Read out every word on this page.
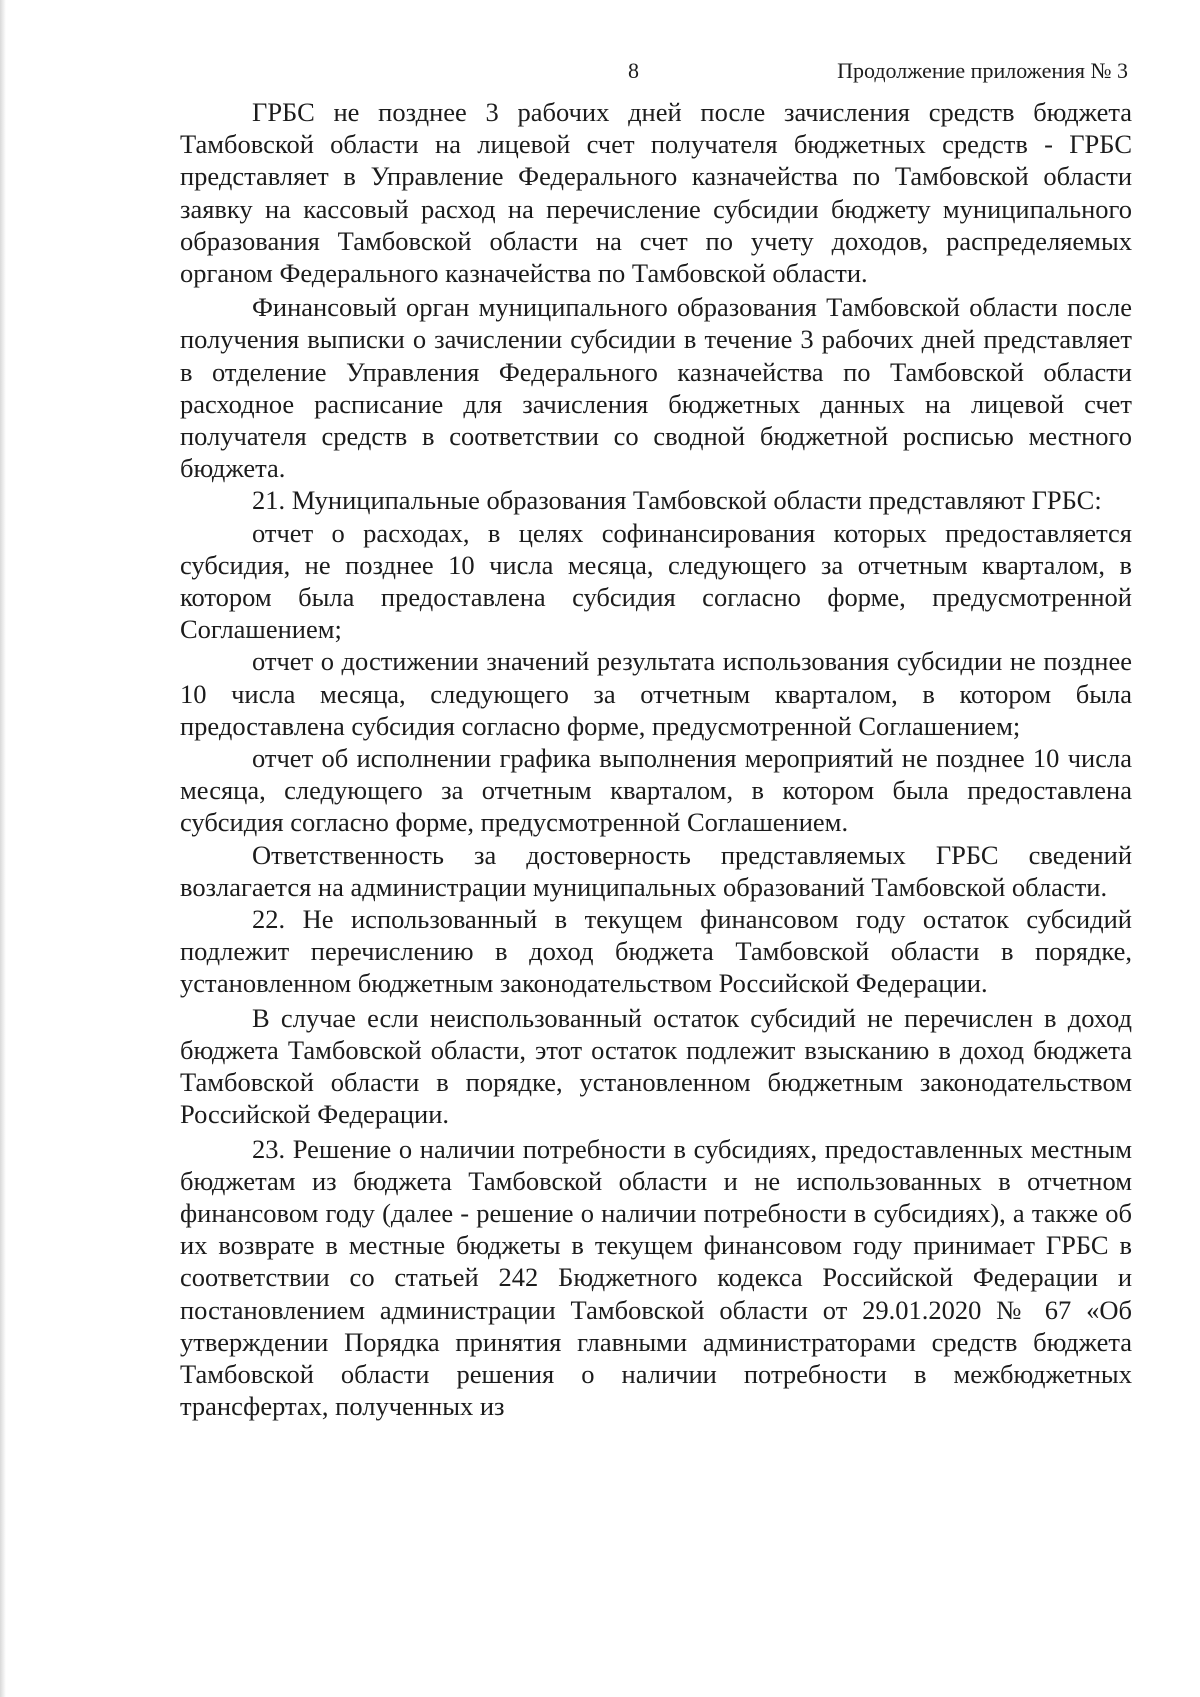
8	Продолжение приложения № 3

ГРБС не позднее 3 рабочих дней после зачисления средств бюджета Тамбовской области на лицевой счет получателя бюджетных средств - ГРБС представляет в Управление Федерального казначейства по Тамбовской области заявку на кассовый расход на перечисление субсидии бюджету муниципального образования Тамбовской области на счет по учету доходов, распределяемых органом Федерального казначейства по Тамбовской области.

Финансовый орган муниципального образования Тамбовской области после получения выписки о зачислении субсидии в течение 3 рабочих дней представляет в отделение Управления Федерального казначейства по Тамбовской области расходное расписание для зачисления бюджетных данных на лицевой счет получателя средств в соответствии со сводной бюджетной росписью местного бюджета.

21. Муниципальные образования Тамбовской области представляют ГРБС:

отчет о расходах, в целях софинансирования которых предоставляется субсидия, не позднее 10 числа месяца, следующего за отчетным кварталом, в котором была предоставлена субсидия согласно форме, предусмотренной Соглашением;

отчет о достижении значений результата использования субсидии не позднее 10 числа месяца, следующего за отчетным кварталом, в котором была предоставлена субсидия согласно форме, предусмотренной Соглашением;

отчет об исполнении графика выполнения мероприятий не позднее 10 числа месяца, следующего за отчетным кварталом, в котором была предоставлена субсидия согласно форме, предусмотренной Соглашением.

Ответственность за достоверность представляемых ГРБС сведений возлагается на администрации муниципальных образований Тамбовской области.

22. Не использованный в текущем финансовом году остаток субсидий подлежит перечислению в доход бюджета Тамбовской области в порядке, установленном бюджетным законодательством Российской Федерации.

В случае если неиспользованный остаток субсидий не перечислен в доход бюджета Тамбовской области, этот остаток подлежит взысканию в доход бюджета Тамбовской области в порядке, установленном бюджетным законодательством Российской Федерации.

23. Решение о наличии потребности в субсидиях, предоставленных местным бюджетам из бюджета Тамбовской области и не использованных в отчетном финансовом году (далее - решение о наличии потребности в субсидиях), а также об их возврате в местные бюджеты в текущем финансовом году принимает ГРБС в соответствии со статьей 242 Бюджетного кодекса Российской Федерации и постановлением администрации Тамбовской области от 29.01.2020 № 67 «Об утверждении Порядка принятия главными администраторами средств бюджета Тамбовской области решения о наличии потребности в межбюджетных трансфертах, полученных из
